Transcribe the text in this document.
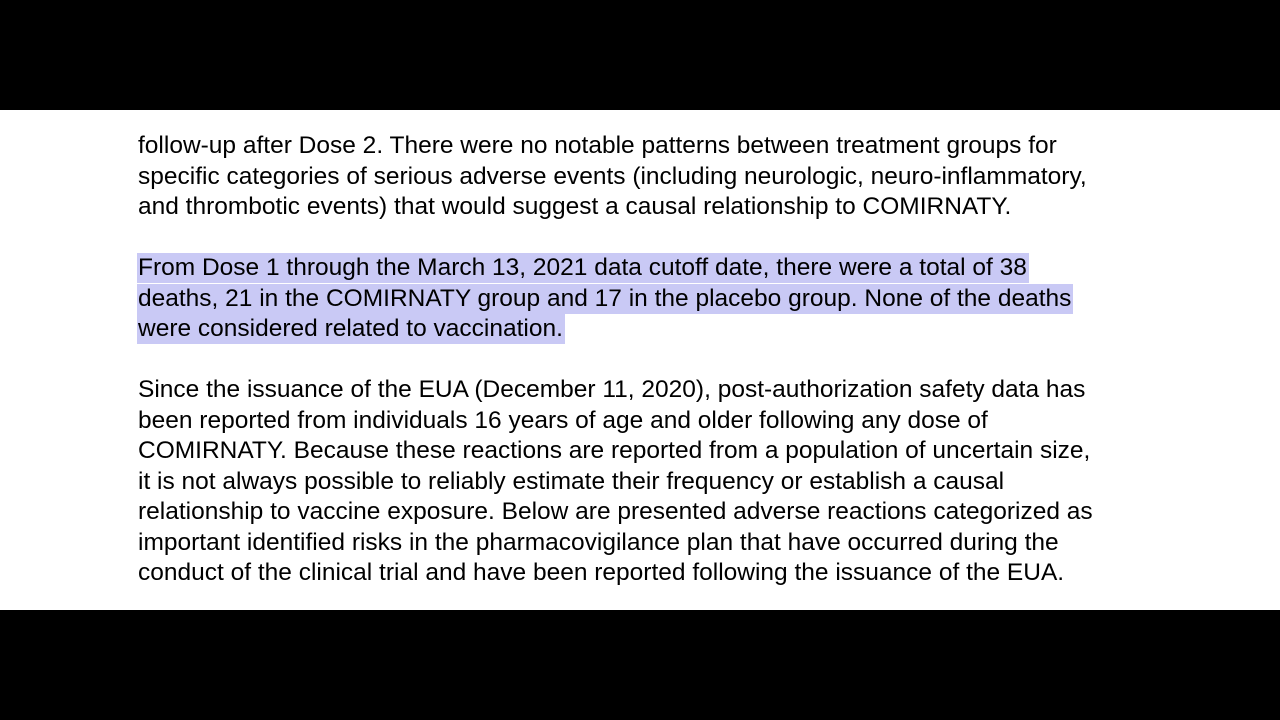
follow-up after Dose 2. There were no notable patterns between treatment groups for
specific categories of serious adverse events (including neurologic, neuro-inflammatory,
and thrombotic events) that would suggest a causal relationship to COMIRNATY.
From Dose 1 through the March 13, 2021 data cutoff date, there were a total of 38
deaths, 21 in the COMIRNATY group and 17 in the placebo group. None of the deaths
were considered related to vaccination.
Since the issuance of the EUA (December 11, 2020), post-authorization safety data has
been reported from individuals 16 years of age and older following any dose of
COMIRNATY. Because these reactions are reported from a population of uncertain size,
it is not always possible to reliably estimate their frequency or establish a causal
relationship to vaccine exposure. Below are presented adverse reactions categorized as
important identified risks in the pharmacovigilance plan that have occurred during the
conduct of the clinical trial and have been reported following the issuance of the EUA.
